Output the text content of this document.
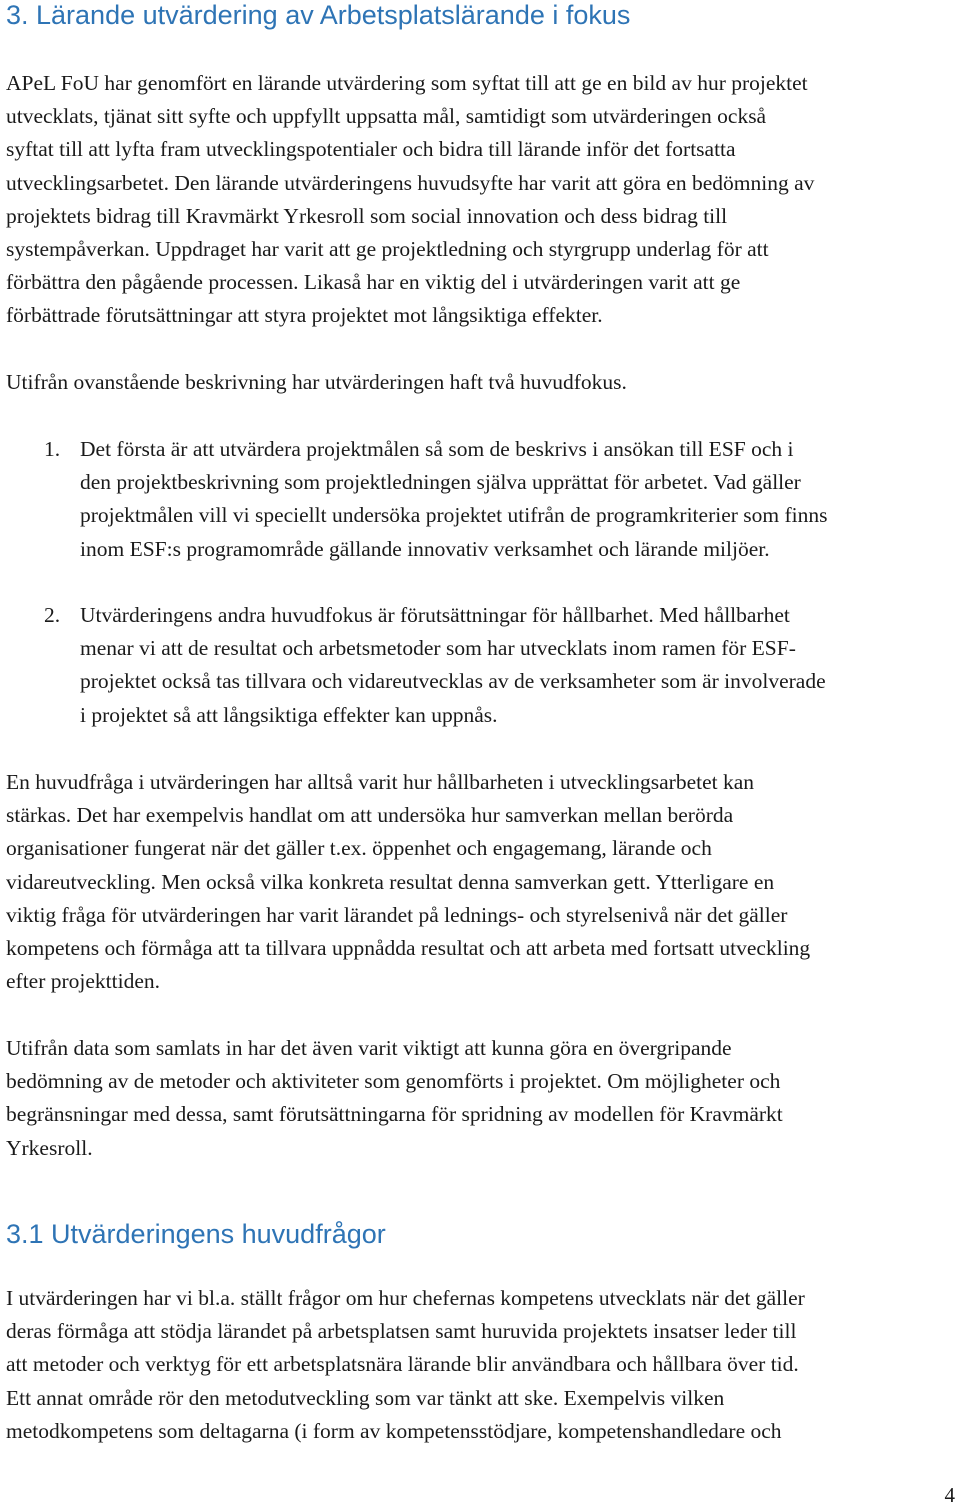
3. Lärande utvärdering av Arbetsplatslärande i fokus
APeL FoU har genomfört en lärande utvärdering som syftat till att ge en bild av hur projektet
utvecklats, tjänat sitt syfte och uppfyllt uppsatta mål, samtidigt som utvärderingen också
syftat till att lyfta fram utvecklingspotentialer och bidra till lärande inför det fortsatta
utvecklingsarbetet. Den lärande utvärderingens huvudsyfte har varit att göra en bedömning av
projektets bidrag till Kravmärkt Yrkesroll som social innovation och dess bidrag till
systempåverkan. Uppdraget har varit att ge projektledning och styrgrupp underlag för att
förbättra den pågående processen. Likaså har en viktig del i utvärderingen varit att ge
förbättrade förutsättningar att styra projektet mot långsiktiga effekter.
Utifrån ovanstående beskrivning har utvärderingen haft två huvudfokus.
1. Det första är att utvärdera projektmålen så som de beskrivs i ansökan till ESF och i
den projektbeskrivning som projektledningen själva upprättat för arbetet. Vad gäller
projektmålen vill vi speciellt undersöka projektet utifrån de programkriterier som finns
inom ESF:s programområde gällande innovativ verksamhet och lärande miljöer.
2. Utvärderingens andra huvudfokus är förutsättningar för hållbarhet. Med hållbarhet
menar vi att de resultat och arbetsmetoder som har utvecklats inom ramen för ESF-
projektet också tas tillvara och vidareutvecklas av de verksamheter som är involverade
i projektet så att långsiktiga effekter kan uppnås.
En huvudfråga i utvärderingen har alltså varit hur hållbarheten i utvecklingsarbetet kan
stärkas. Det har exempelvis handlat om att undersöka hur samverkan mellan berörda
organisationer fungerat när det gäller t.ex. öppenhet och engagemang, lärande och
vidareutveckling. Men också vilka konkreta resultat denna samverkan gett. Ytterligare en
viktig fråga för utvärderingen har varit lärandet på lednings- och styrelsenivå när det gäller
kompetens och förmåga att ta tillvara uppnådda resultat och att arbeta med fortsatt utveckling
efter projekttiden.
Utifrån data som samlats in har det även varit viktigt att kunna göra en övergripande
bedömning av de metoder och aktiviteter som genomförts i projektet. Om möjligheter och
begränsningar med dessa, samt förutsättningarna för spridning av modellen för Kravmärkt
Yrkesroll.
3.1 Utvärderingens huvudfrågor
I utvärderingen har vi bl.a. ställt frågor om hur chefernas kompetens utvecklats när det gäller
deras förmåga att stödja lärandet på arbetsplatsen samt huruvida projektets insatser leder till
att metoder och verktyg för ett arbetsplatsnära lärande blir användbara och hållbara över tid.
Ett annat område rör den metodutveckling som var tänkt att ske. Exempelvis vilken
metodkompetens som deltagarna (i form av kompetensstödjare, kompetenshandledare och
4
